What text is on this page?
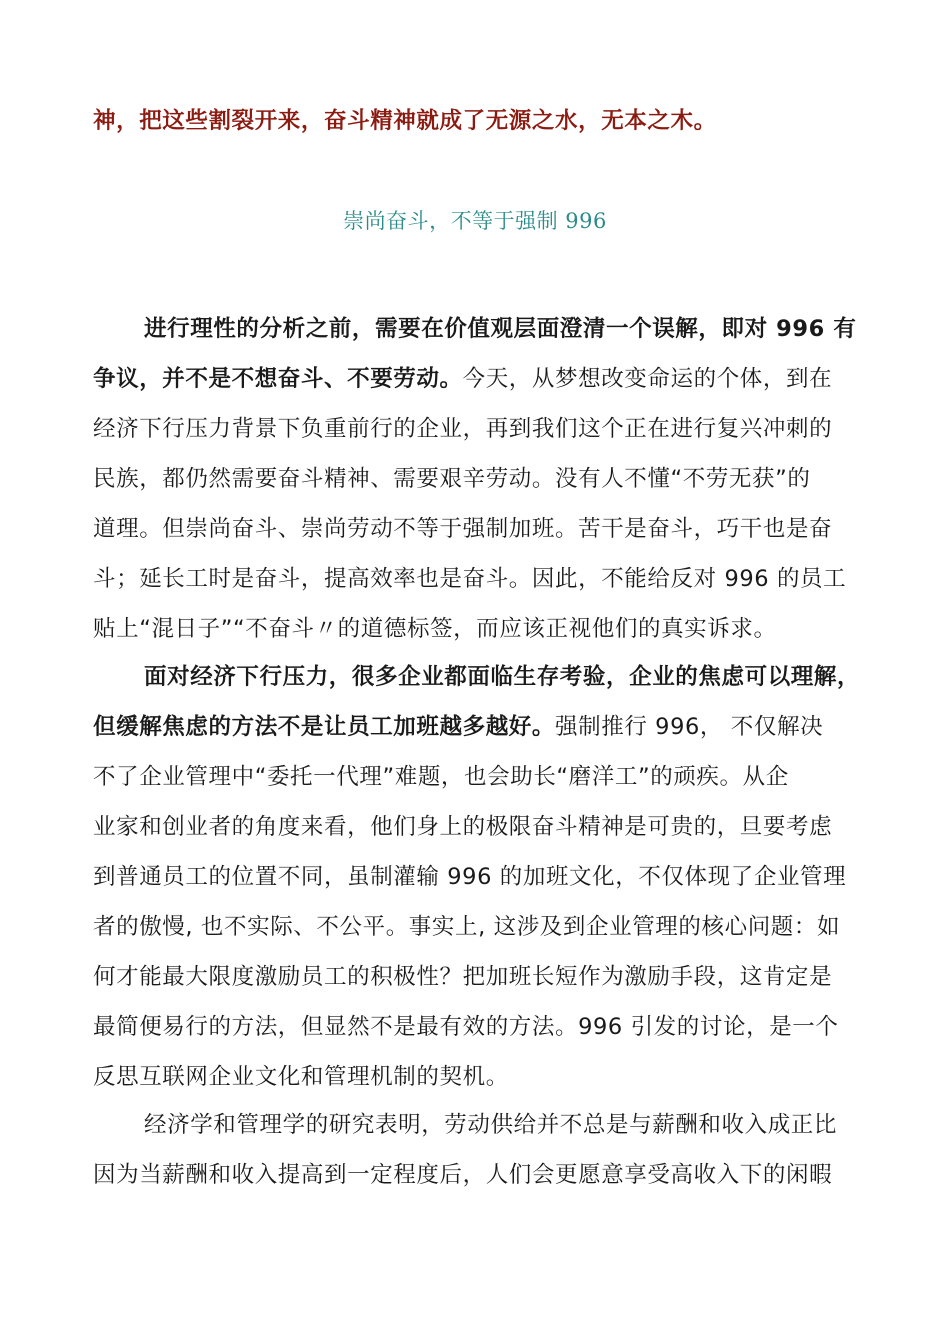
神，把这些割裂开来，奋斗精神就成了无源之水，无本之木。
崇尚奋斗，不等于强制 996
进行理性的分析之前，需要在价值观层面澄清一个误解，即对 996 有
争议，并不是不想奋斗、不要劳动。今天，从梦想改变命运的个体，到在
经济下行压力背景下负重前行的企业，再到我们这个正在进行复兴冲刺的
民族，都仍然需要奋斗精神、需要艰辛劳动。没有人不懂“不劳无获”的
道理。但崇尚奋斗、崇尚劳动不等于强制加班。苦干是奋斗，巧干也是奋
斗；延长工时是奋斗，提高效率也是奋斗。因此，不能给反对 996 的员工
贴上“混日子”“不奋斗〃的道德标签，而应该正视他们的真实诉求。
面对经济下行压力，很多企业都面临生存考验，企业的焦虑可以理解，
但缓解焦虑的方法不是让员工加班越多越好。强制推行 996， 不仅解决
不了企业管理中“委托一代理”难题，也会助长“磨洋工”的顽疾。从企
业家和创业者的角度来看，他们身上的极限奋斗精神是可贵的，旦要考虑
到普通员工的位置不同，虽制灌输 996 的加班文化，不仅体现了企业管理
者的傲慢, 也不实际、不公平。事实上, 这涉及到企业管理的核心问题：如
何才能最大限度激励员工的积极性？把加班长短作为激励手段，这肯定是
最简便易行的方法，但显然不是最有效的方法。996 引发的讨论，是一个
反思互联网企业文化和管理机制的契机。
经济学和管理学的研究表明，劳动供给并不总是与薪酬和收入成正比
因为当薪酬和收入提高到一定程度后，人们会更愿意享受高收入下的闲暇
